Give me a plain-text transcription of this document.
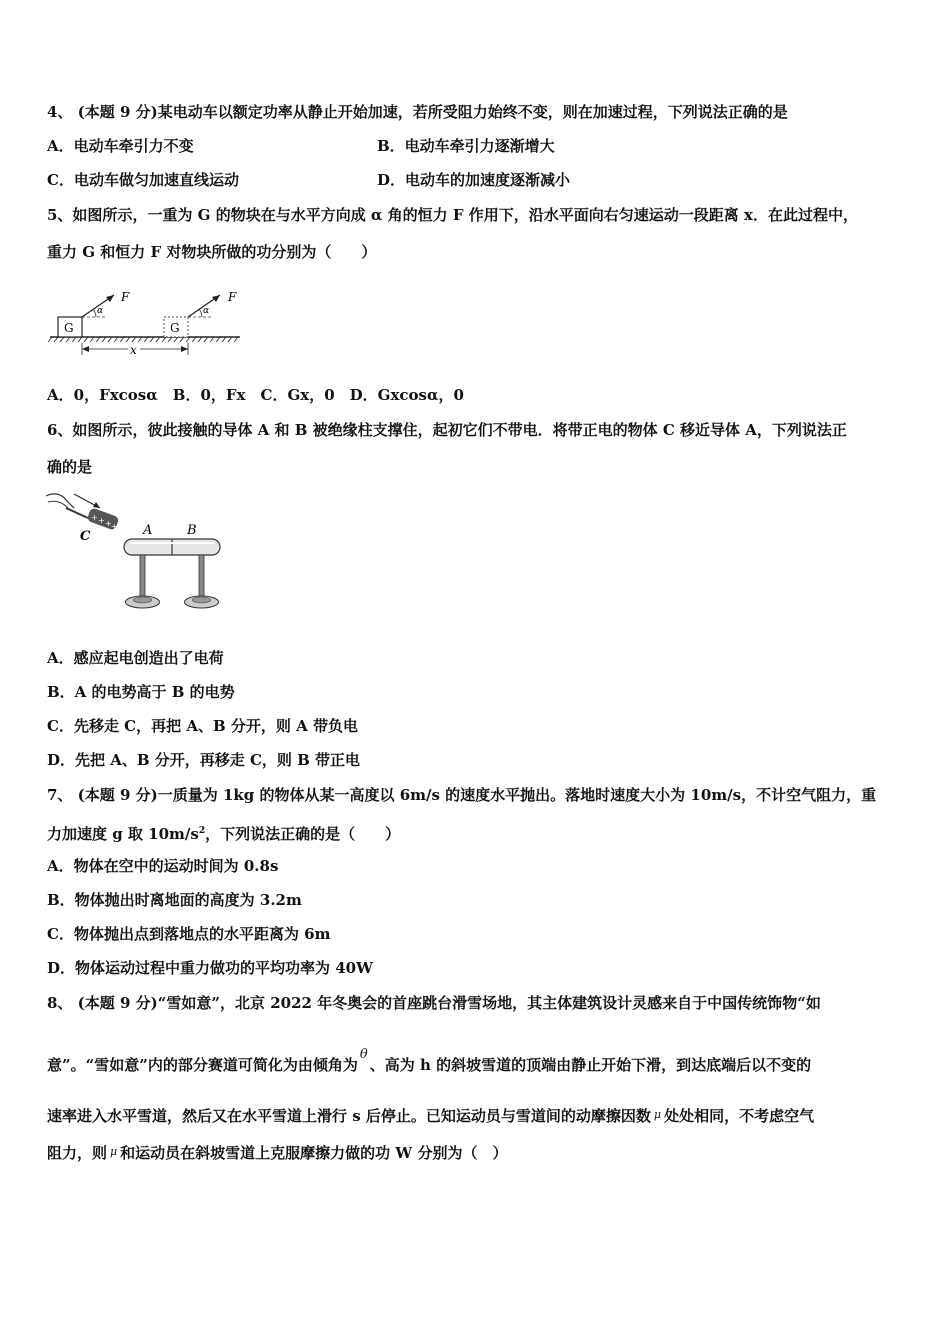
4、 (本题 9 分)某电动车以额定功率从静止开始加速，若所受阻力始终不变，则在加速过程，下列说法正确的是
A．电动车牵引力不变	B．电动车牵引力逐渐增大
C．电动车做匀加速直线运动	D．电动车的加速度逐渐减小
5、如图所示，一重为 G 的物块在与水平方向成 α 角的恒力 F 作用下，沿水平面向右匀速运动一段距离 x．在此过程中，
重力 G 和恒力 F 对物块所做的功分别为（　　）
G
α
F
G
α
F
x
A．0，Fxcosα　B．0，Fx　C．Gx，0　D．Gxcosα，0
6、如图所示，彼此接触的导体 A 和 B 被绝缘柱支撑住，起初它们不带电．将带正电的物体 C 移近导体 A，下列说法正
确的是
+ + + +
C	A	B
A．感应起电创造出了电荷
B．A 的电势高于 B 的电势
C．先移走 C，再把 A、B 分开，则 A 带负电
D．先把 A、B 分开，再移走 C，则 B 带正电
7、 (本题 9 分)一质量为 1kg 的物体从某一高度以 6m/s 的速度水平抛出。落地时速度大小为 10m/s，不计空气阻力，重
力加速度 g 取 $10m/s^2$，下列说法正确的是（　　）
A．物体在空中的运动时间为 0.8s
B．物体抛出时离地面的高度为 3.2m
C．物体抛出点到落地点的水平距离为 6m
D．物体运动过程中重力做功的平均功率为 40W
8、 (本题 9 分)“雪如意”，北京 2022 年冬奥会的首座跳台滑雪场地，其主体建筑设计灵感来自于中国传统饰物“如
意”。“雪如意”内的部分赛道可简化为由倾角为θ、高为 h 的斜坡雪道的顶端由静止开始下滑，到达底端后以不变的
速率进入水平雪道，然后又在水平雪道上滑行 s 后停止。已知运动员与雪道间的动摩擦因数 $^\mu$ 处处相同，不考虑空气
阻力，则 $^\mu$ 和运动员在斜坡雪道上克服摩擦力做的功 W 分别为（　）
